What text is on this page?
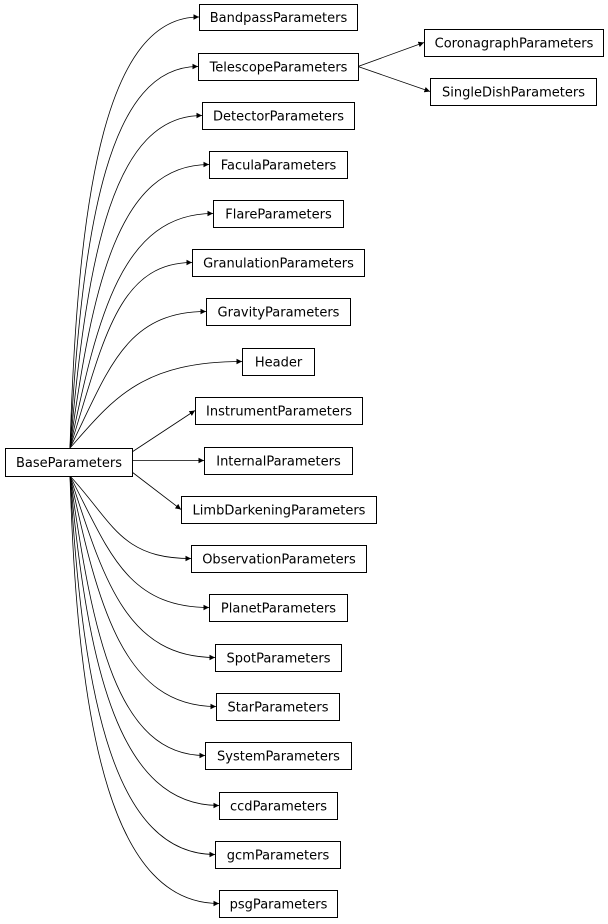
BaseParameters
BandpassParameters
TelescopeParameters
CoronagraphParameters
SingleDishParameters
DetectorParameters
FaculaParameters
FlareParameters
GranulationParameters
GravityParameters
Header
InstrumentParameters
InternalParameters
LimbDarkeningParameters
ObservationParameters
PlanetParameters
SpotParameters
StarParameters
SystemParameters
ccdParameters
gcmParameters
psgParameters
